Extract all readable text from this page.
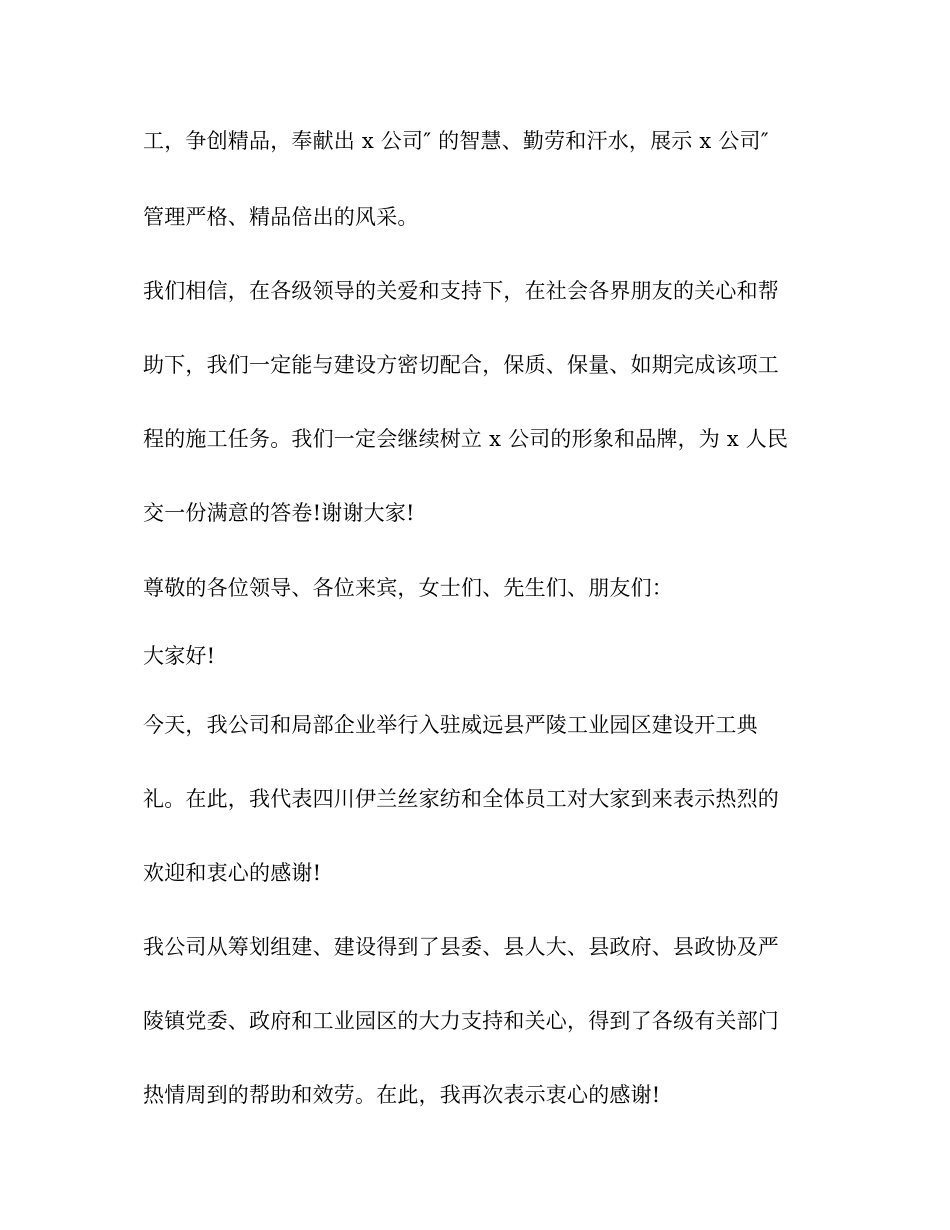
工，争创精品，奉献出 x 公司″ 的智慧、勤劳和汗水，展示 x 公司″
管理严格、精品倍出的风采。
我们相信，在各级领导的关爱和支持下，在社会各界朋友的关心和帮
助下，我们一定能与建设方密切配合，保质、保量、如期完成该项工
程的施工任务。我们一定会继续树立 x 公司的形象和品牌，为 x 人民
交一份满意的答卷!谢谢大家!
尊敬的各位领导、各位来宾，女士们、先生们、朋友们：
大家好!
今天，我公司和局部企业举行入驻威远县严陵工业园区建设开工典
礼。在此，我代表四川伊兰丝家纺和全体员工对大家到来表示热烈的
欢迎和衷心的感谢!
我公司从筹划组建、建设得到了县委、县人大、县政府、县政协及严
陵镇党委、政府和工业园区的大力支持和关心，得到了各级有关部门
热情周到的帮助和效劳。在此，我再次表示衷心的感谢!
